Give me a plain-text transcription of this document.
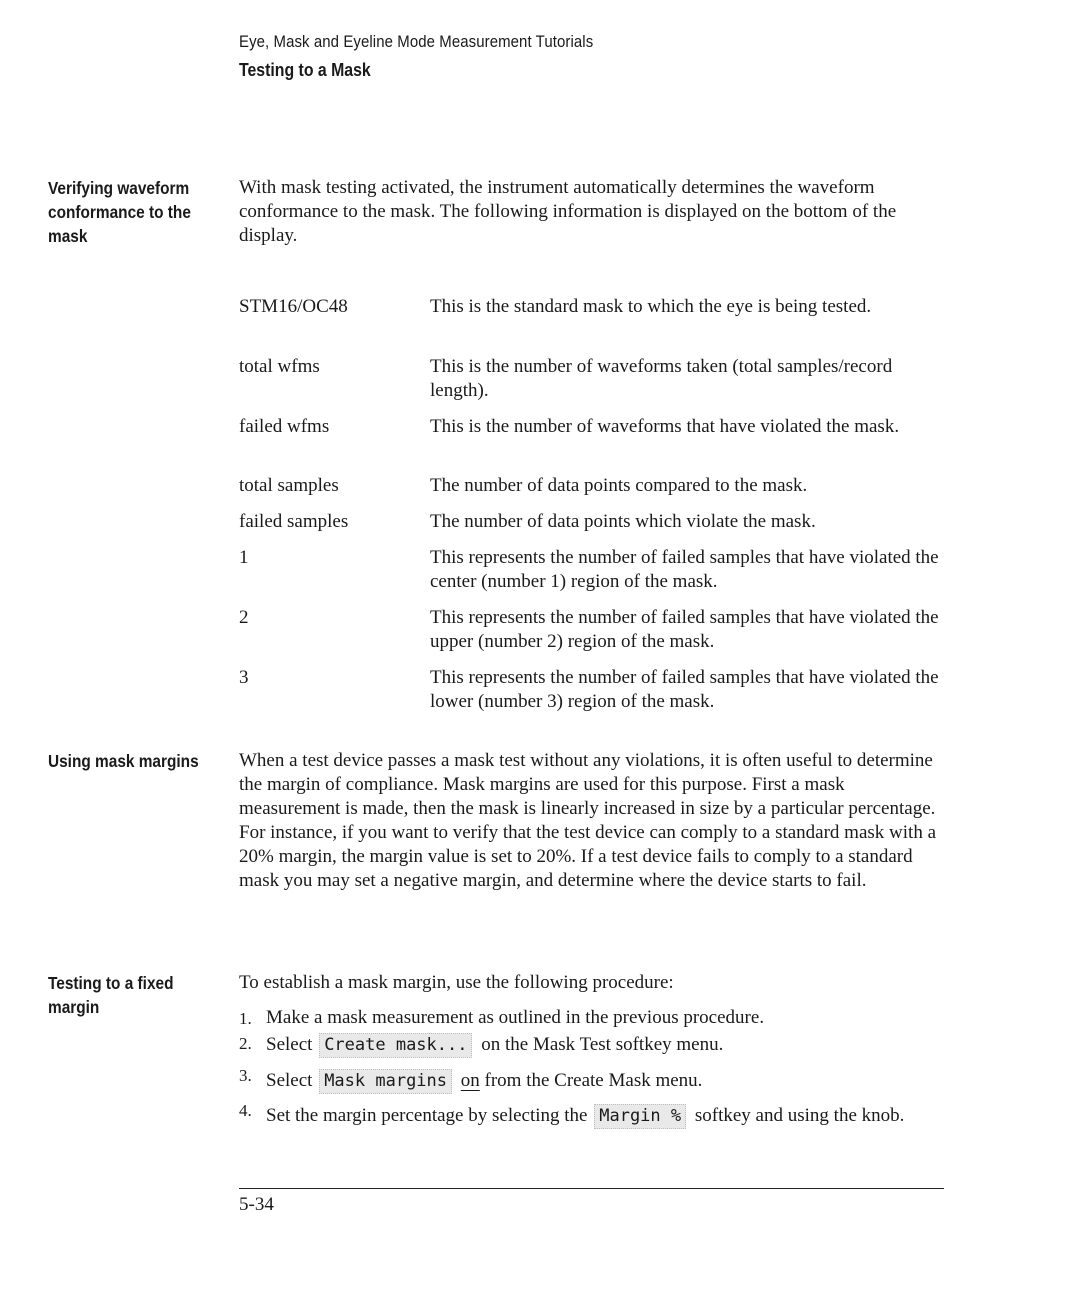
Eye, Mask and Eyeline Mode Measurement Tutorials
Testing to a Mask
Verifying waveform conformance to the mask
With mask testing activated, the instrument automatically determines the waveform conformance to the mask. The following information is displayed on the bottom of the display.
STM16/OC48	This is the standard mask to which the eye is being tested.
total wfms	This is the number of waveforms taken (total samples/record length).
failed wfms	This is the number of waveforms that have violated the mask.
total samples	The number of data points compared to the mask.
failed samples	The number of data points which violate the mask.
1	This represents the number of failed samples that have violated the center (number 1) region of the mask.
2	This represents the number of failed samples that have violated the upper (number 2) region of the mask.
3	This represents the number of failed samples that have violated the lower (number 3) region of the mask.
Using mask margins	When a test device passes a mask test without any violations, it is often useful to determine the margin of compliance. Mask margins are used for this purpose. First a mask measurement is made, then the mask is linearly increased in size by a particular percentage. For instance, if you want to verify that the test device can comply to a standard mask with a 20% margin, the margin value is set to 20%. If a test device fails to comply to a standard mask you may set a negative margin, and determine where the device starts to fail.
Testing to a fixed margin
To establish a mask margin, use the following procedure:
1. Make a mask measurement as outlined in the previous procedure.
2. Select Create mask... on the Mask Test softkey menu.
3. Select Mask margins on from the Create Mask menu.
4. Set the margin percentage by selecting the Margin % softkey and using the knob.
5-34
